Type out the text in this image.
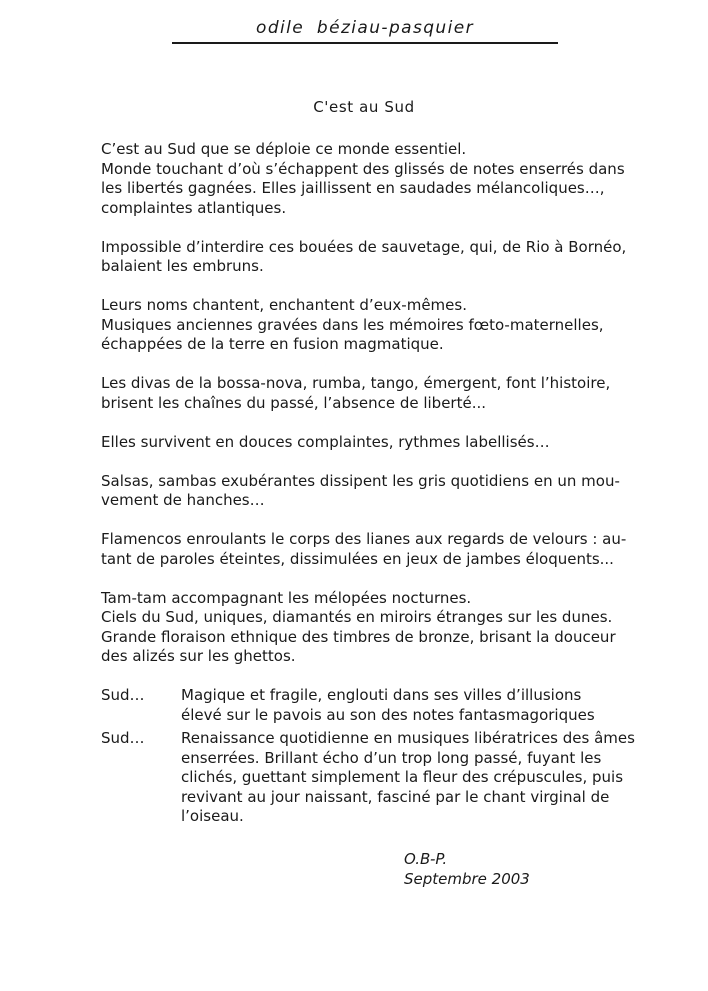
odile béziau-pasquier
C'est au Sud
C’est au Sud que se déploie ce monde essentiel.
Monde touchant d’où s’échappent des glissés de notes enserrés dans
les libertés gagnées. Elles jaillissent en saudades mélancoliques…,
complaintes atlantiques.
Impossible d’interdire ces bouées de sauvetage, qui, de Rio à Bornéo,
balaient les embruns.
Leurs noms chantent, enchantent d’eux-mêmes.
Musiques anciennes gravées dans les mémoires fœto-maternelles,
échappées de la terre en fusion magmatique.
Les divas de la bossa-nova, rumba, tango, émergent, font l’histoire,
brisent les chaînes du passé, l’absence de liberté...
Elles survivent en douces complaintes, rythmes labellisés…
Salsas, sambas exubérantes dissipent les gris quotidiens en un mou-
vement de hanches…
Flamencos enroulants le corps des lianes aux regards de velours : au-
tant de paroles éteintes, dissimulées en jeux de jambes éloquents...
Tam-tam accompagnant les mélopées nocturnes.
Ciels du Sud, uniques, diamantés en miroirs étranges sur les dunes.
Grande floraison ethnique des timbres de bronze, brisant la douceur
des alizés sur les ghettos.
Sud…	Magique et fragile, englouti dans ses villes d’illusions
élevé sur le pavois au son des notes fantasmagoriques
Sud…	Renaissance quotidienne en musiques libératrices des âmes
enserrées. Brillant écho d’un trop long passé, fuyant les
clichés, guettant simplement la fleur des crépuscules, puis
revivant au jour naissant, fasciné par le chant virginal de
l’oiseau.
O.B-P.
Septembre 2003
